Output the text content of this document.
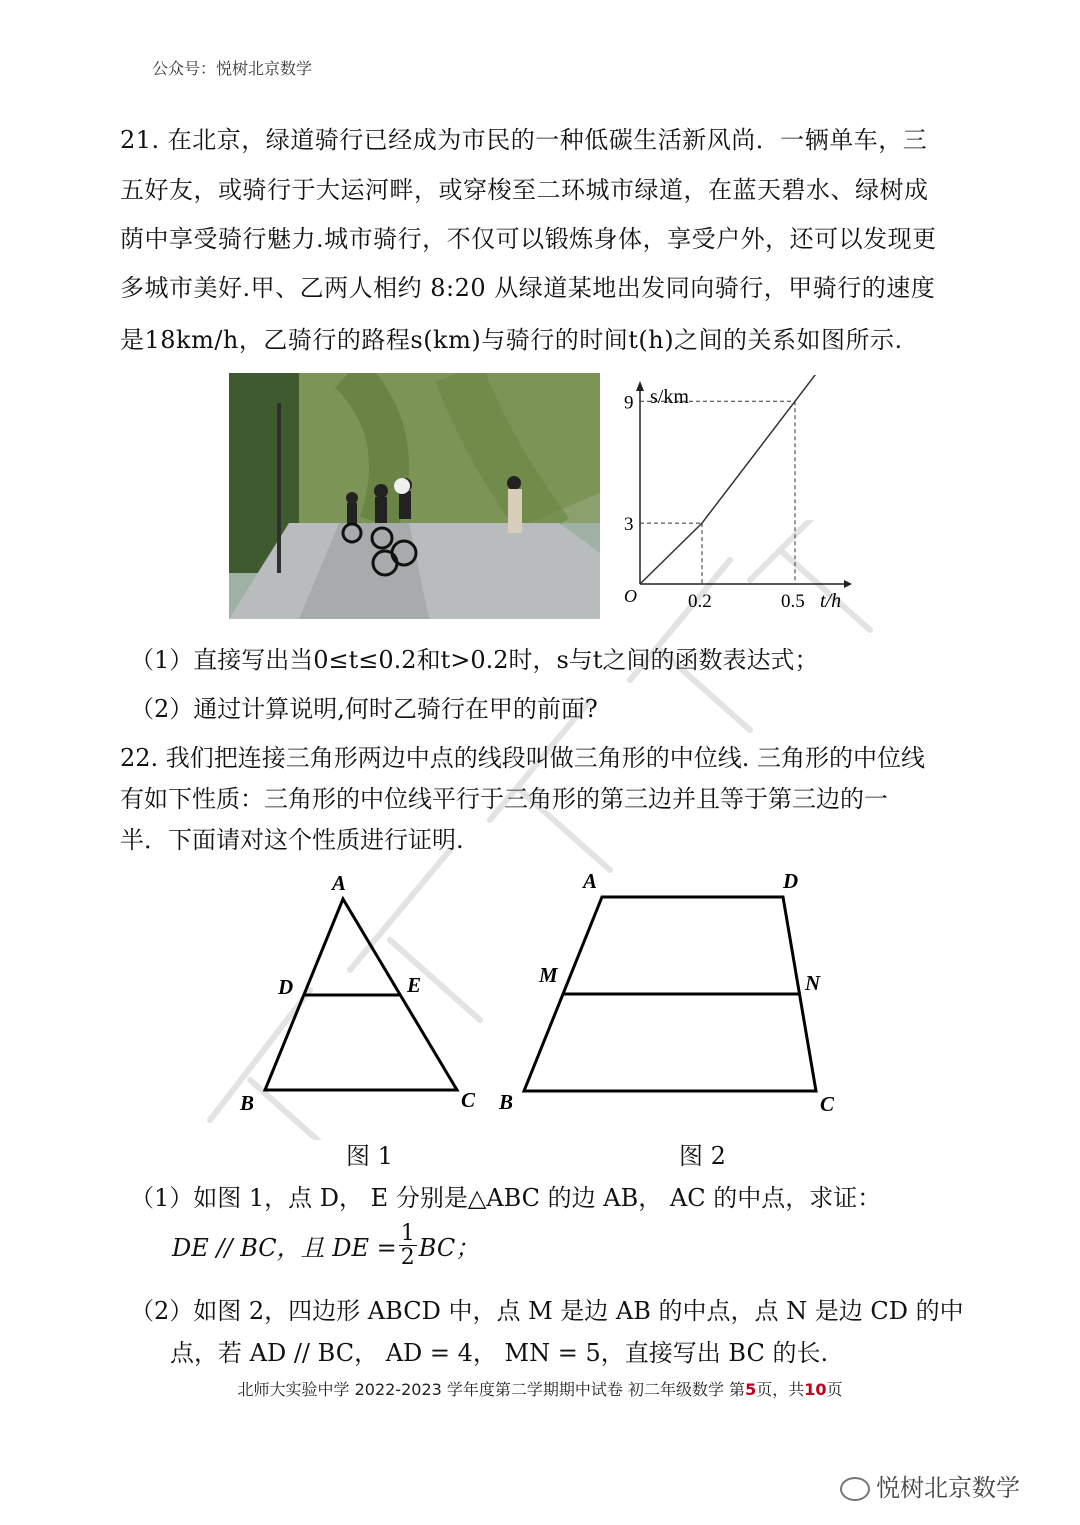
公众号：悦树北京数学
21. 在北京，绿道骑行已经成为市民的一种低碳生活新风尚．一辆单车，三
五好友，或骑行于大运河畔，或穿梭至二环城市绿道，在蓝天碧水、绿树成
荫中享受骑行魅力.城市骑行，不仅可以锻炼身体，享受户外，还可以发现更
多城市美好.甲、乙两人相约 8:20 从绿道某地出发同向骑行，甲骑行的速度
是18km/h，乙骑行的路程s(km)与骑行的时间t(h)之间的关系如图所示.
s/km
t/h
O	0.2	0.5
3
9
（1）直接写出当0≤t≤0.2和t>0.2时，s与t之间的函数表达式；
（2）通过计算说明,何时乙骑行在甲的前面?
22. 我们把连接三角形两边中点的线段叫做三角形的中位线. 三角形的中位线
有如下性质：三角形的中位线平行于三角形的第三边并且等于第三边的一
半．下面请对这个性质进行证明.
A
B	C
D	E
A	D
M	N
B	C
图 1	图 2
（1）如图 1，点 D， E 分别是△ABC 的边 AB， AC 的中点，求证：
DE // BC，且 DE = $\frac{1}{2}$ BC；
（2）如图 2，四边形 ABCD 中，点 M 是边 AB 的中点，点 N 是边 CD 的中
点，若 AD // BC， AD = 4， MN = 5，直接写出 BC 的长.
北师大实验中学 2022-2023 学年度第二学期期中试卷 初二年级数学 第5页，共10页
悦树北京数学
